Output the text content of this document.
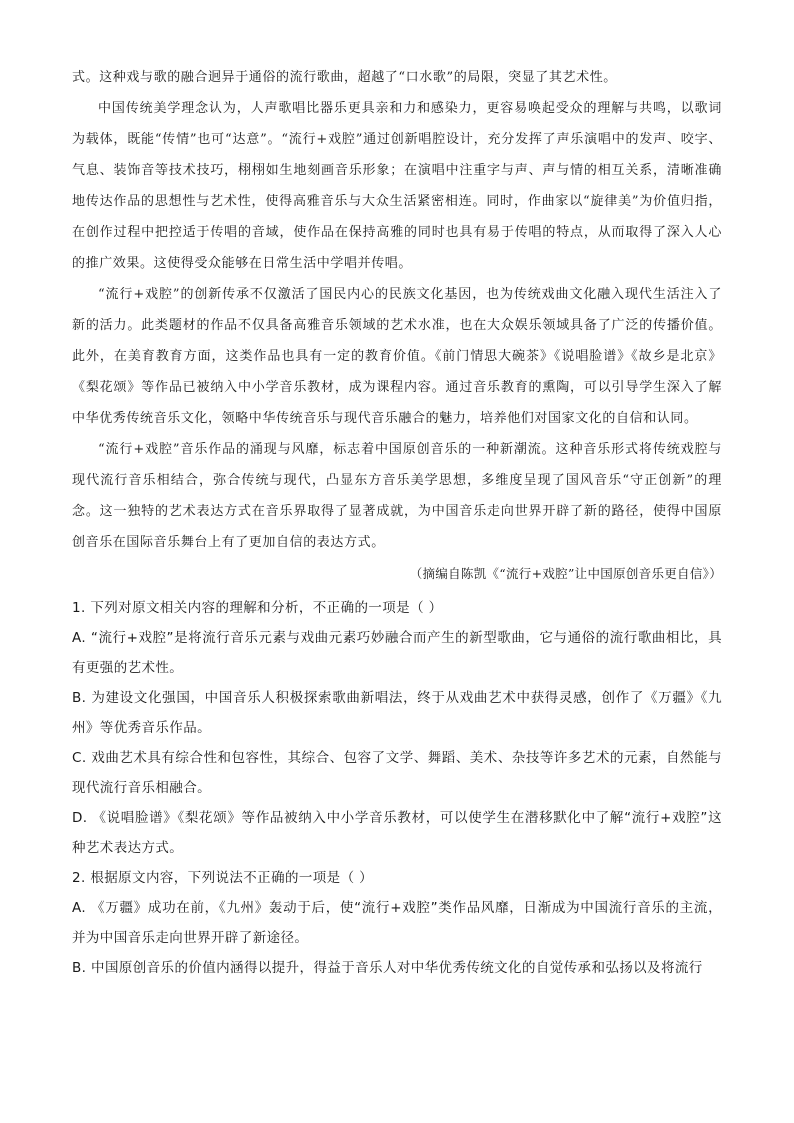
式。这种戏与歌的融合迥异于通俗的流行歌曲，超越了“口水歌”的局限，突显了其艺术性。

中国传统美学理念认为，人声歌唱比器乐更具亲和力和感染力，更容易唤起受众的理解与共鸣，以歌词为载体，既能“传情”也可“达意”。“流行+戏腔”通过创新唱腔设计，充分发挥了声乐演唱中的发声、咬字、气息、装饰音等技术技巧，栩栩如生地刻画音乐形象；在演唱中注重字与声、声与情的相互关系，清晰准确地传达作品的思想性与艺术性，使得高雅音乐与大众生活紧密相连。同时，作曲家以“旋律美”为价值归指，在创作过程中把控适于传唱的音域，使作品在保持高雅的同时也具有易于传唱的特点，从而取得了深入人心的推广效果。这使得受众能够在日常生活中学唱并传唱。

“流行+戏腔”的创新传承不仅激活了国民内心的民族文化基因，也为传统戏曲文化融入现代生活注入了新的活力。此类题材的作品不仅具备高雅音乐领域的艺术水准，也在大众娱乐领域具备了广泛的传播价值。此外，在美育教育方面，这类作品也具有一定的教育价值。《前门情思大碗茶》《说唱脸谱》《故乡是北京》《梨花颂》等作品已被纳入中小学音乐教材，成为课程内容。通过音乐教育的熏陶，可以引导学生深入了解中华优秀传统音乐文化，领略中华传统音乐与现代音乐融合的魅力，培养他们对国家文化的自信和认同。

“流行+戏腔”音乐作品的涌现与风靡，标志着中国原创音乐的一种新潮流。这种音乐形式将传统戏腔与现代流行音乐相结合，弥合传统与现代，凸显东方音乐美学思想，多维度呈现了国风音乐“守正创新”的理念。这一独特的艺术表达方式在音乐界取得了显著成就，为中国音乐走向世界开辟了新的路径，使得中国原创音乐在国际音乐舞台上有了更加自信的表达方式。

（摘编自陈凯《“流行+戏腔”让中国原创音乐更自信》）

1. 下列对原文相关内容的理解和分析，不正确的一项是（ ）

A. “流行+戏腔”是将流行音乐元素与戏曲元素巧妙融合而产生的新型歌曲，它与通俗的流行歌曲相比，具有更强的艺术性。

B. 为建设文化强国，中国音乐人积极探索歌曲新唱法，终于从戏曲艺术中获得灵感，创作了《万疆》《九州》等优秀音乐作品。

C. 戏曲艺术具有综合性和包容性，其综合、包容了文学、舞蹈、美术、杂技等许多艺术的元素，自然能与现代流行音乐相融合。

D. 《说唱脸谱》《梨花颂》等作品被纳入中小学音乐教材，可以使学生在潜移默化中了解“流行+戏腔”这种艺术表达方式。

2. 根据原文内容，下列说法不正确的一项是（ ）

A. 《万疆》成功在前，《九州》轰动于后，使“流行+戏腔”类作品风靡，日渐成为中国流行音乐的主流，并为中国音乐走向世界开辟了新途径。

B. 中国原创音乐的价值内涵得以提升，得益于音乐人对中华优秀传统文化的自觉传承和弘扬以及将流行
